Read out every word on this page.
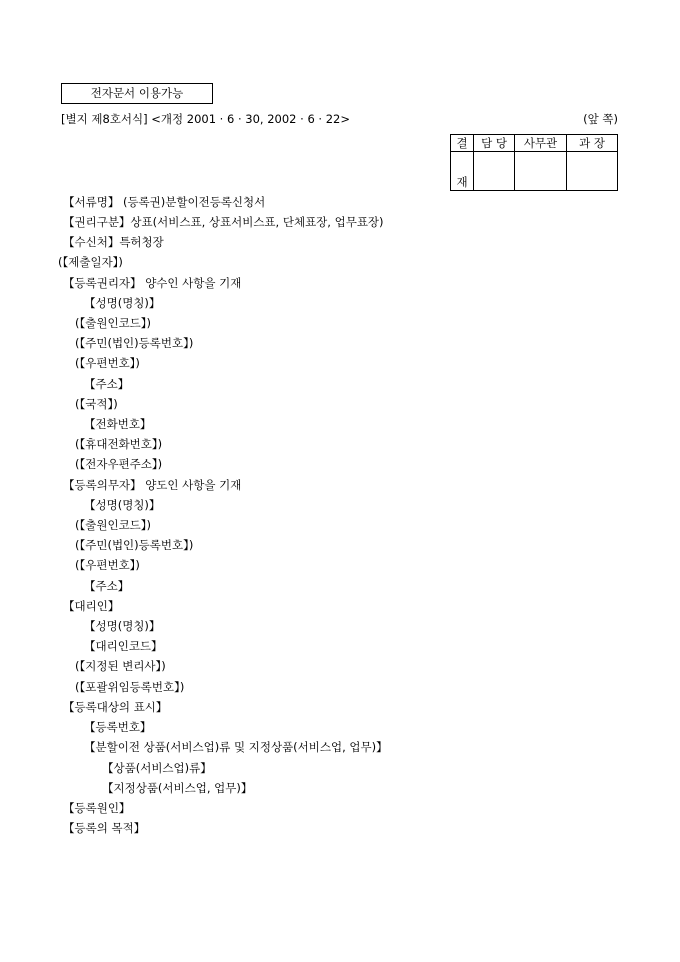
전자문서 이용가능
[별지 제8호서식] <개정 2001 · 6 · 30, 2002 · 6 · 22>	(앞 쪽)
결	담 당	사무관	과 장
재			
【서류명】 (등록권)분할이전등록신청서
【권리구분】상표(서비스표, 상표서비스표, 단체표장, 업무표장)
【수신처】특허청장
(【제출일자】)
【등록권리자】 양수인 사항을 기재
【성명(명칭)】
(【출원인코드】)
(【주민(법인)등록번호】)
(【우편번호】)
【주소】
(【국적】)
【전화번호】
(【휴대전화번호】)
(【전자우편주소】)
【등록의무자】 양도인 사항을 기재
【성명(명칭)】
(【출원인코드】)
(【주민(법인)등록번호】)
(【우편번호】)
【주소】
【대리인】
【성명(명칭)】
【대리인코드】
(【지정된 변리사】)
(【포괄위임등록번호】)
【등록대상의 표시】
【등록번호】
【분할이전 상품(서비스업)류 및 지정상품(서비스업, 업무)】
【상품(서비스업)류】
【지정상품(서비스업, 업무)】
【등록원인】
【등록의 목적】
